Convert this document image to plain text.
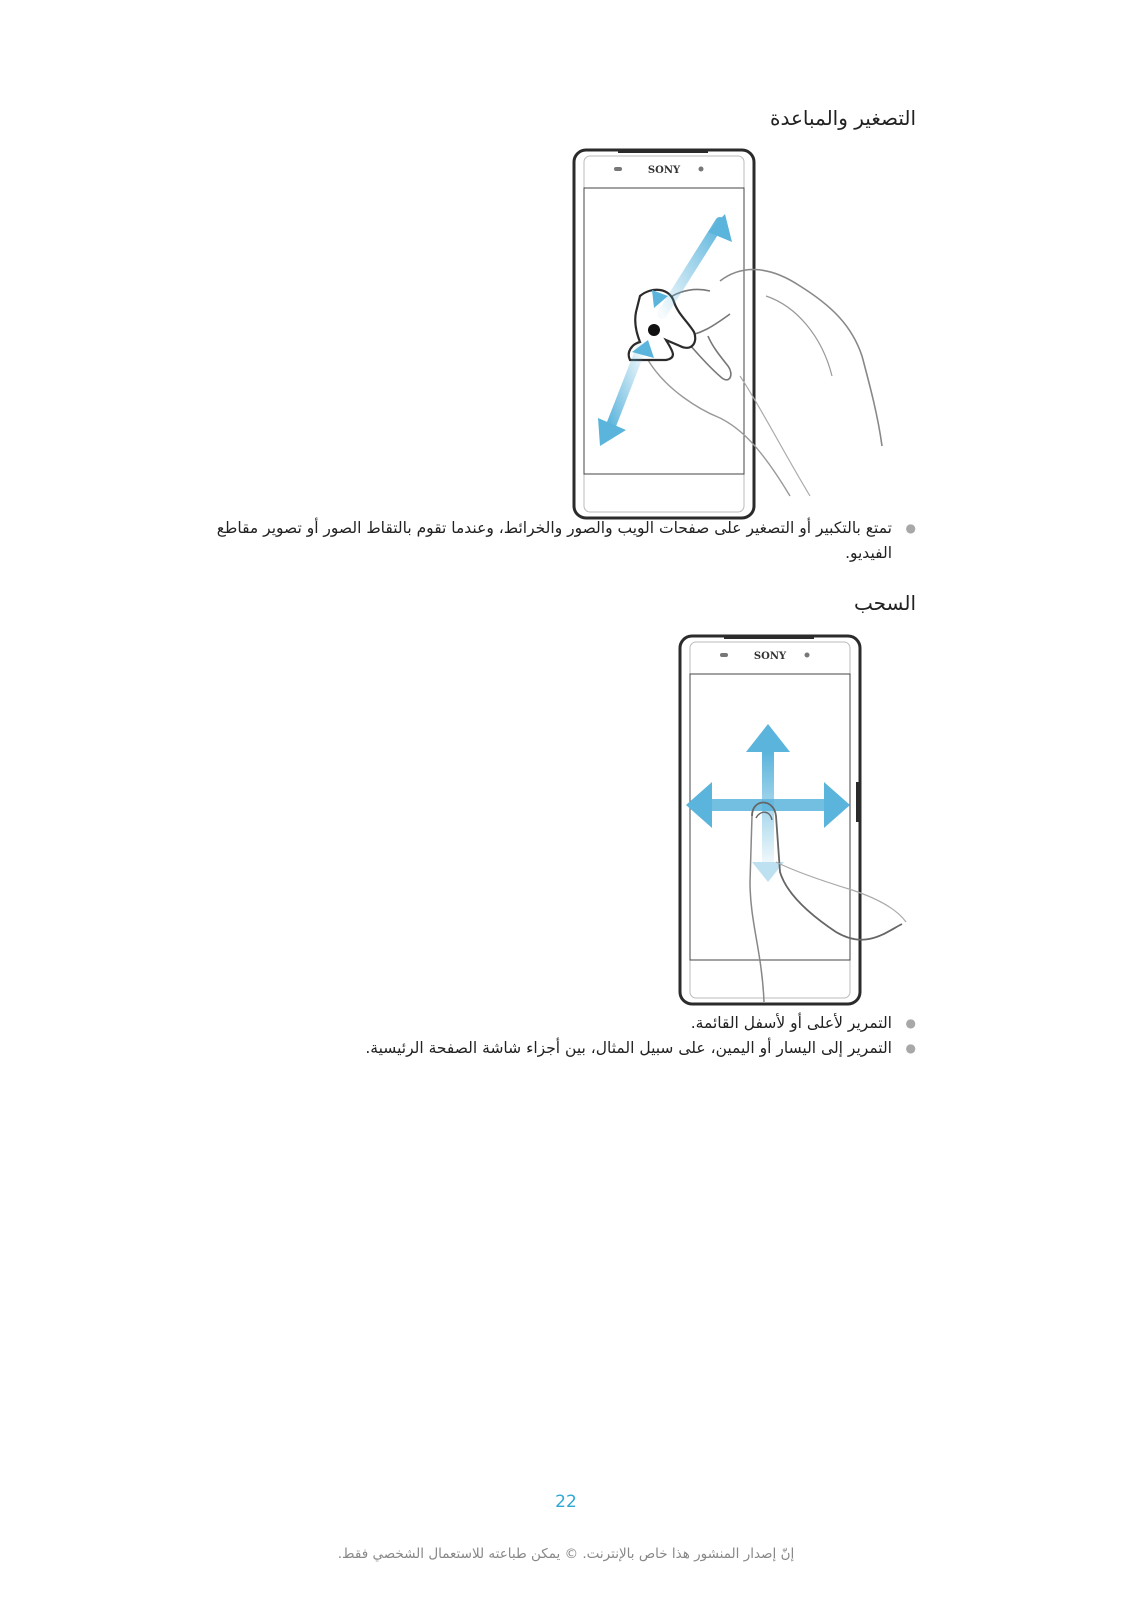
التصغير والمباعدة
SONY
●
تمتع بالتكبير أو التصغير على صفحات الويب والصور والخرائط، وعندما تقوم بالتقاط الصور أو تصوير مقاطع الفيديو.
السحب
SONY
●
التمرير لأعلى أو لأسفل القائمة.
●
التمرير إلى اليسار أو اليمين، على سبيل المثال، بين أجزاء شاشة الصفحة الرئيسية.
22
إنّ إصدار المنشور هذا خاص بالإنترنت. © يمكن طباعته للاستعمال الشخصي فقط.
